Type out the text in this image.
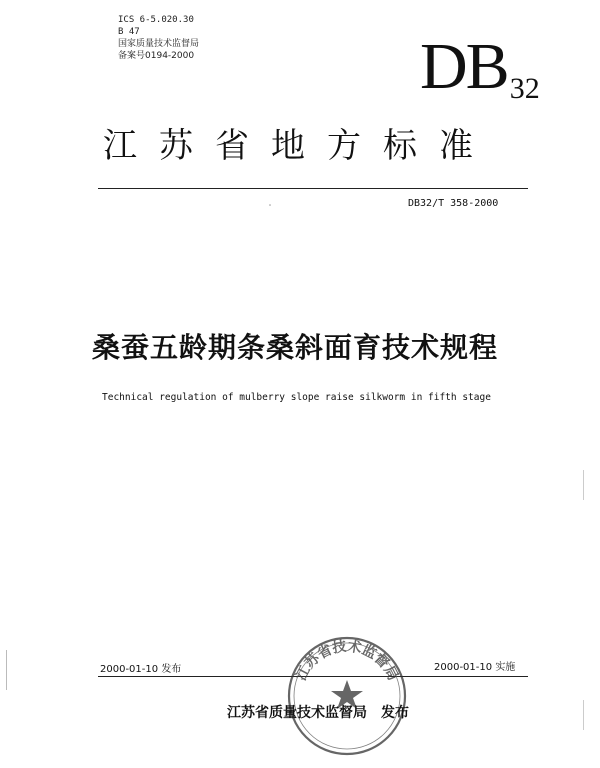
ICS 6-5.020.30
B 47
国家质量技术监督局
备案号0194-2000	DB32
江苏省地方标准
DB32/T 358-2000
桑蚕五龄期条桑斜面育技术规程
Technical regulation of mulberry slope raise silkworm in fifth stage
2000-01-10 发布	2000-01-10 实施
江苏省技术监督局
江苏省质量技术监督局 发布
